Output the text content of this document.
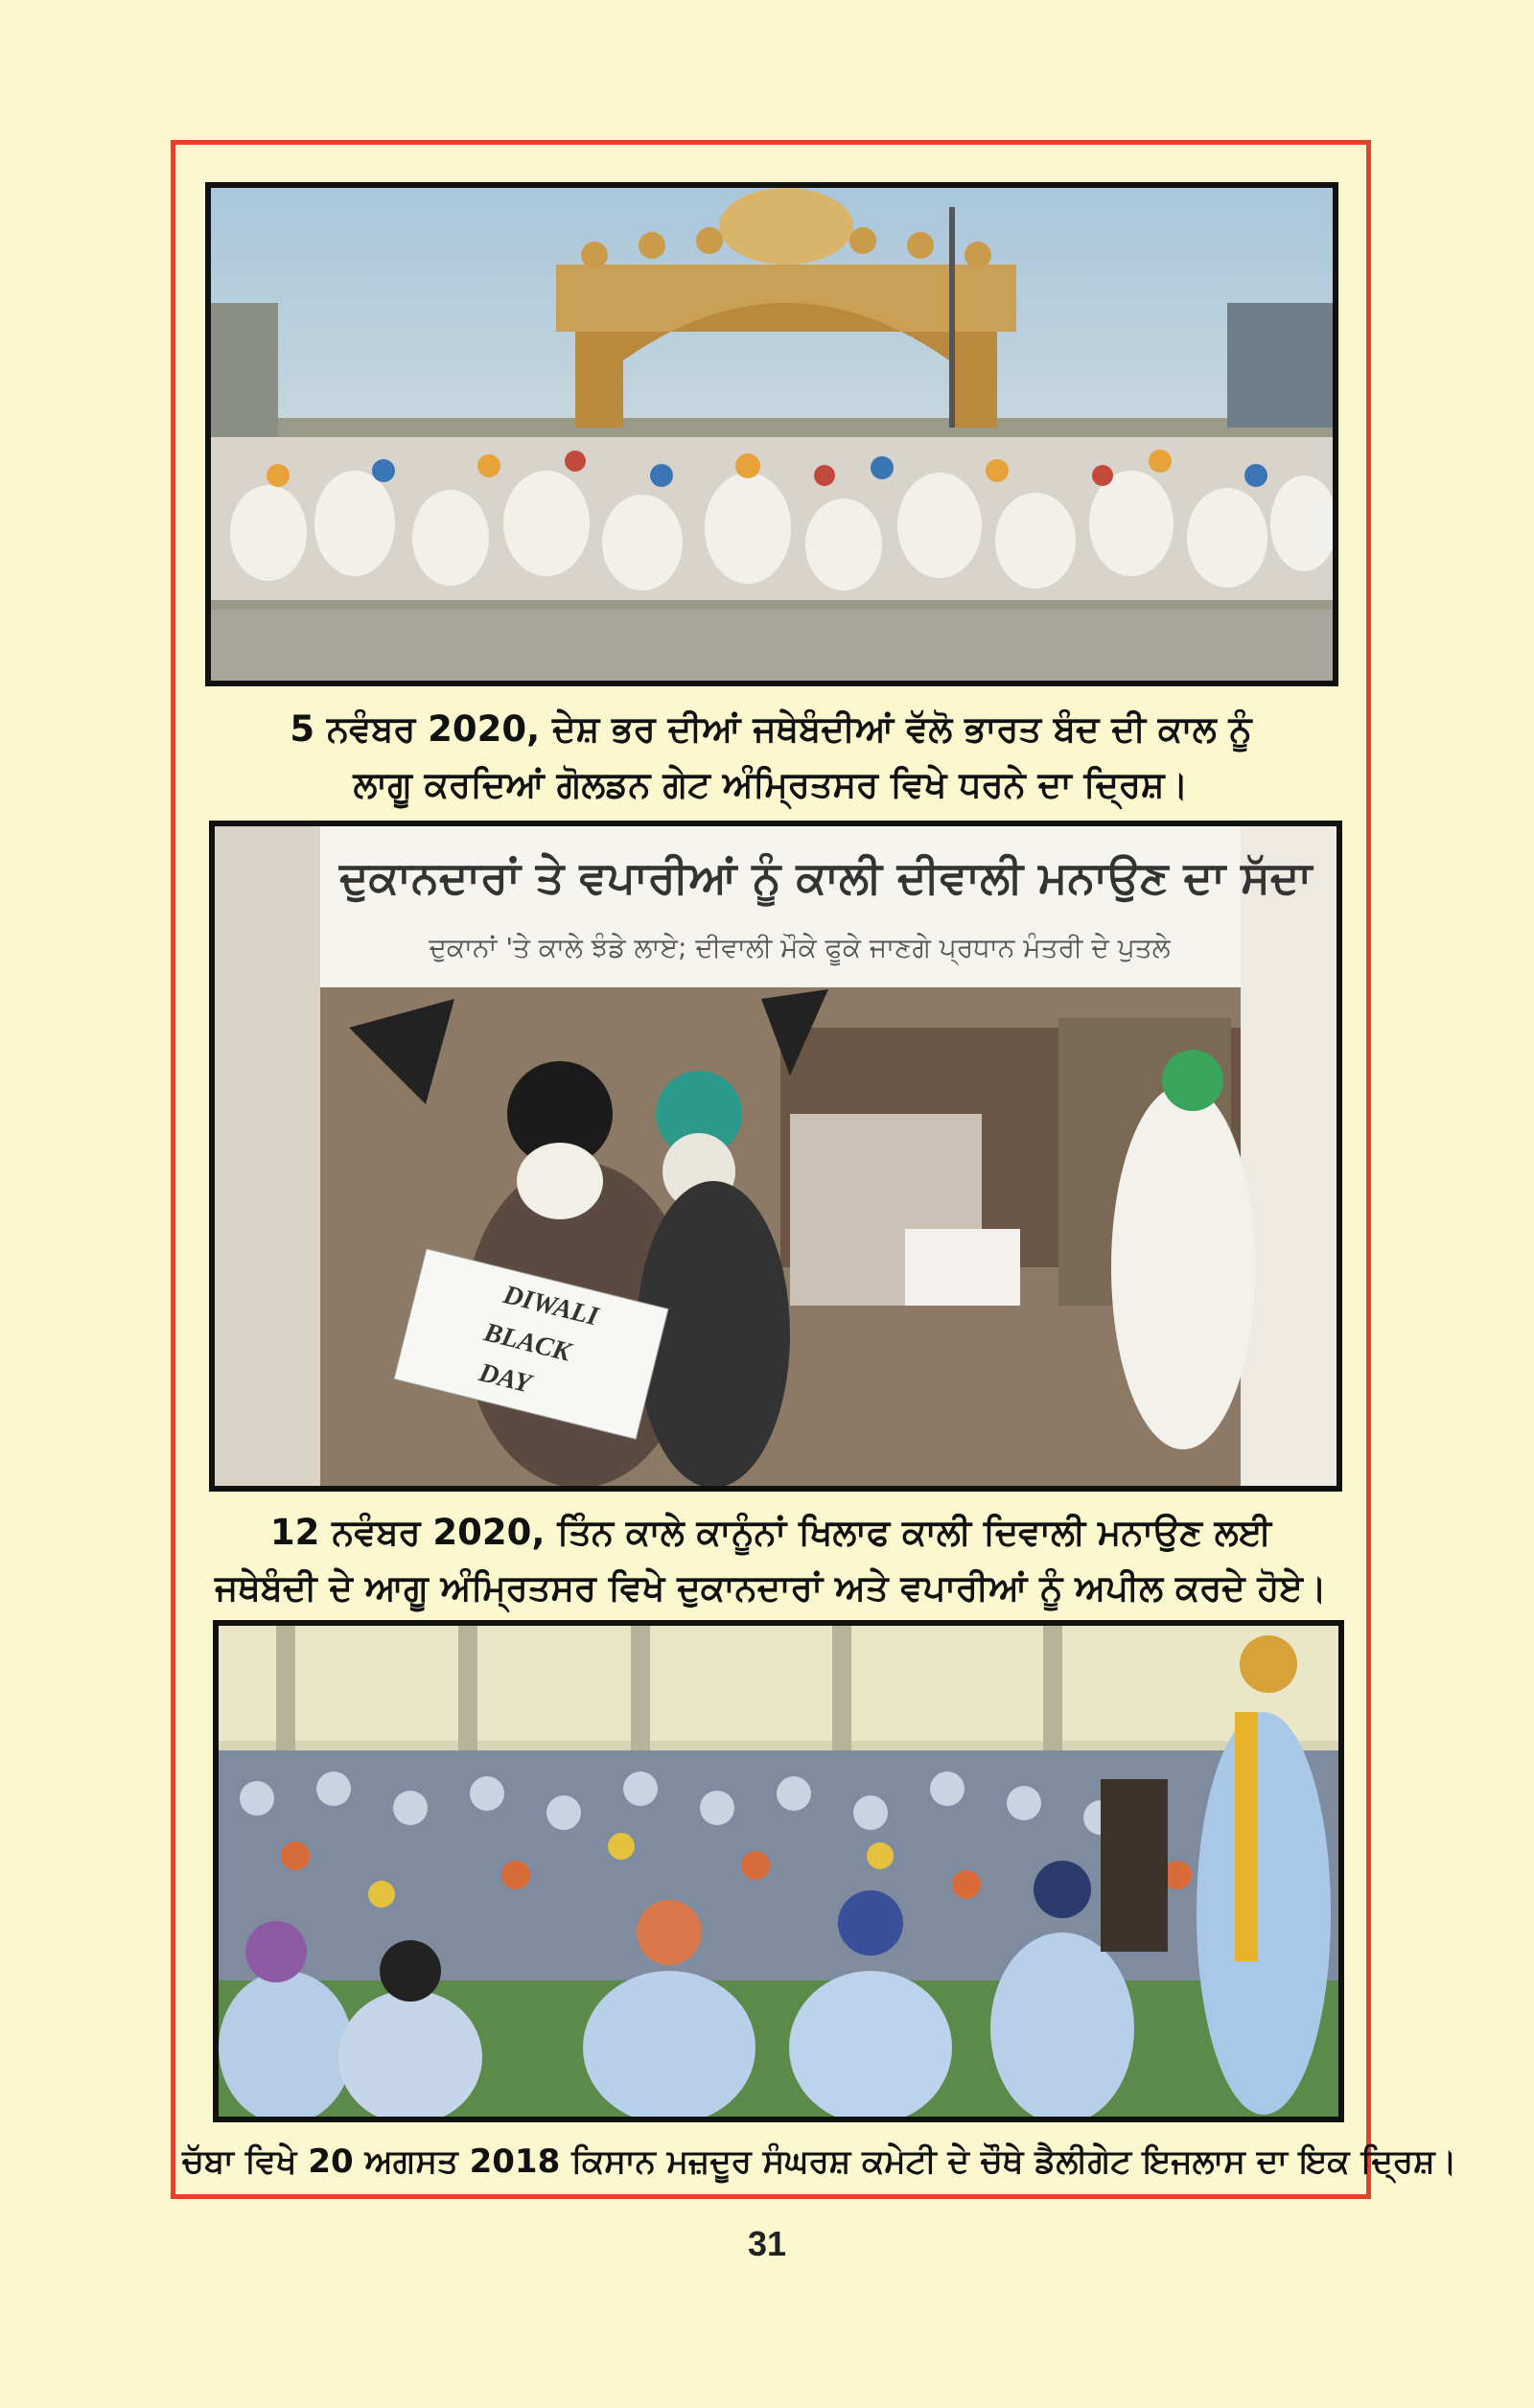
5 ਨਵੰਬਰ 2020, ਦੇਸ਼ ਭਰ ਦੀਆਂ ਜਥੇਬੰਦੀਆਂ ਵੱਲੋ ਭਾਰਤ ਬੰਦ ਦੀ ਕਾਲ ਨੂੰ
ਲਾਗੂ ਕਰਦਿਆਂ ਗੋਲਡਨ ਗੇਟ ਅੰਮ੍ਰਿਤਸਰ ਵਿਖੇ ਧਰਨੇ ਦਾ ਦ੍ਰਿਸ਼।
DIWALI
BLACK
DAY
ਦੁਕਾਨਦਾਰਾਂ ਤੇ ਵਪਾਰੀਆਂ ਨੂੰ ਕਾਲੀ ਦੀਵਾਲੀ ਮਨਾਉਣ ਦਾ ਸੱਦਾ
ਦੁਕਾਨਾਂ 'ਤੇ ਕਾਲੇ ਝੰਡੇ ਲਾਏ; ਦੀਵਾਲੀ ਮੌਕੇ ਫੂਕੇ ਜਾਣਗੇ ਪ੍ਰਧਾਨ ਮੰਤਰੀ ਦੇ ਪੁਤਲੇ
12 ਨਵੰਬਰ 2020, ਤਿੰਨ ਕਾਲੇ ਕਾਨੂੰਨਾਂ ਖਿਲਾਫ ਕਾਲੀ ਦਿਵਾਲੀ ਮਨਾਉਣ ਲਈ
ਜਥੇਬੰਦੀ ਦੇ ਆਗੂ ਅੰਮ੍ਰਿਤਸਰ ਵਿਖੇ ਦੁਕਾਨਦਾਰਾਂ ਅਤੇ ਵਪਾਰੀਆਂ ਨੂੰ ਅਪੀਲ ਕਰਦੇ ਹੋਏ।
ਚੱਬਾ ਵਿਖੇ 20 ਅਗਸਤ 2018 ਕਿਸਾਨ ਮਜ਼ਦੂਰ ਸੰਘਰਸ਼ ਕਮੇਟੀ ਦੇ ਚੌਥੇ ਡੈਲੀਗੇਟ ਇਜਲਾਸ ਦਾ ਇਕ ਦ੍ਰਿਸ਼।
31
